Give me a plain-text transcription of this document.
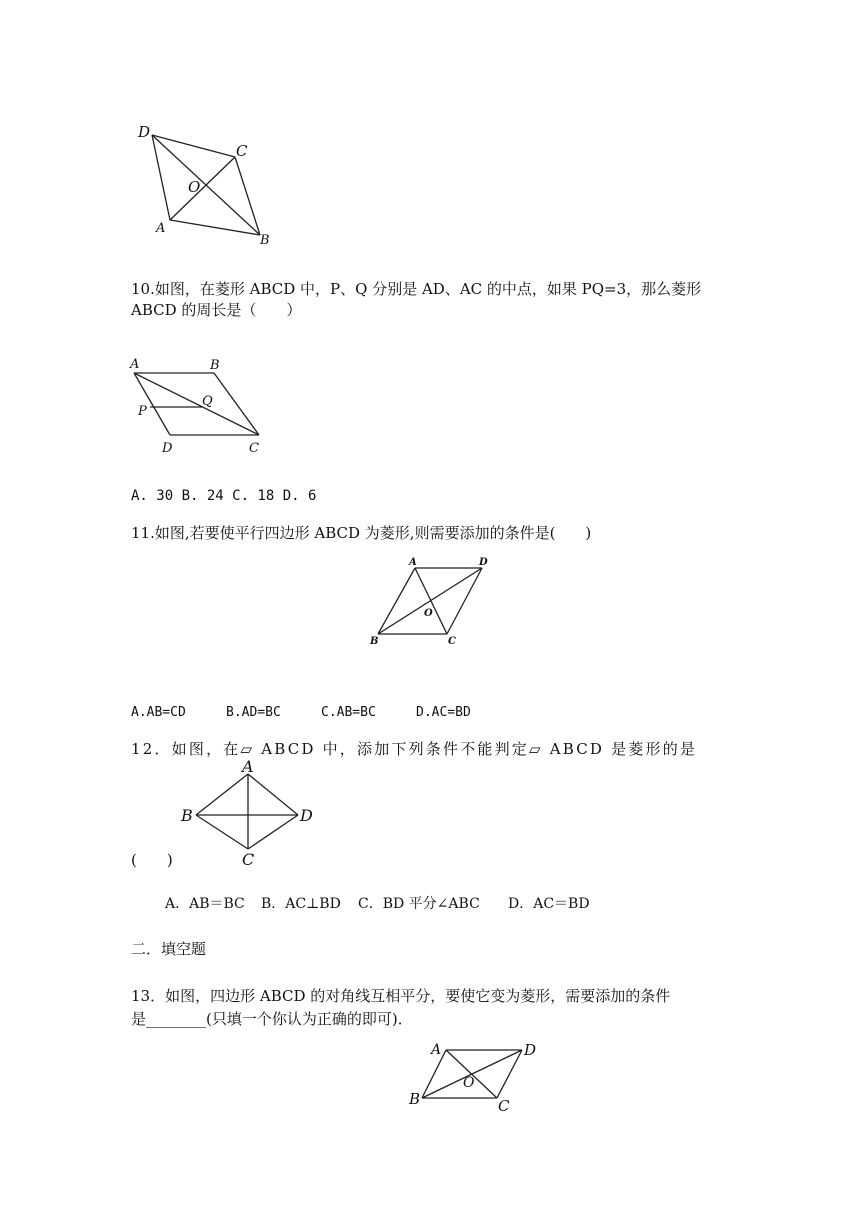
D
C
O
A
B
10.如图，在菱形 ABCD 中，P、Q 分别是 AD、AC 的中点，如果 PQ=3，那么菱形
ABCD 的周长是（　　）
A	B
P
Q
D	C
A. 30 B. 24 C. 18 D. 6
11.如图,若要使平行四边形 ABCD 为菱形,则需要添加的条件是(　　)
A	D
O
B	C
A.AB=CD	B.AD=BC	C.AB=BC	D.AC=BD
12．如图，在▱ ABCD 中，添加下列条件不能判定▱ ABCD 是菱形的是
A
B	D
C
(　　)
A．AB＝BC B．AC⊥BD C．BD 平分∠ABC D．AC＝BD
二．填空题
13．如图，四边形 ABCD 的对角线互相平分，要使它变为菱形，需要添加的条件
是________(只填一个你认为正确的即可)．
A	D
O
B	C
